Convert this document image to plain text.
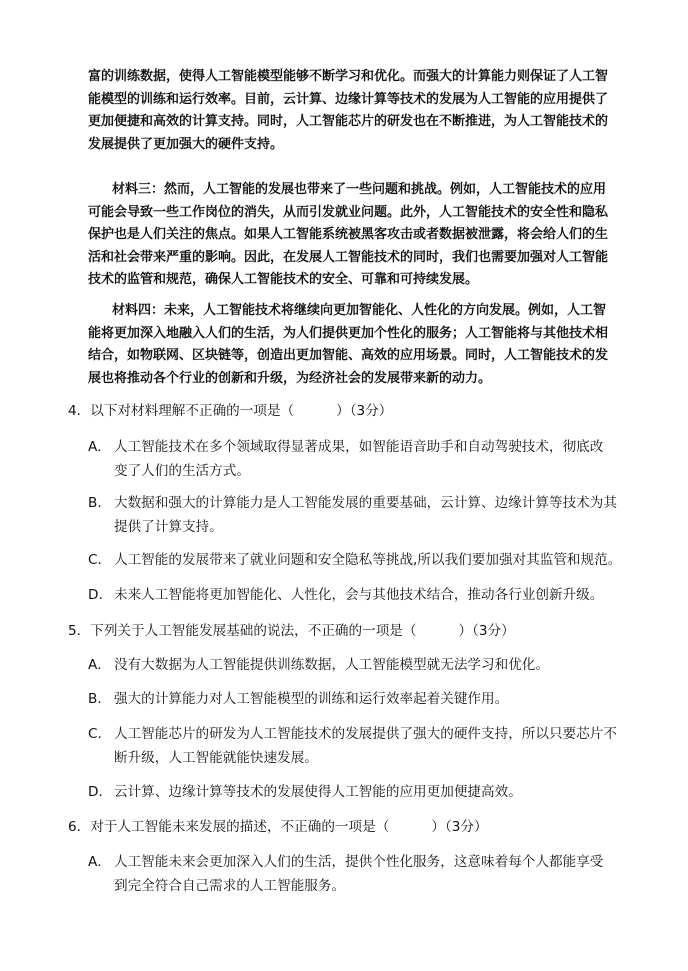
富的训练数据，使得人工智能模型能够不断学习和优化。而强大的计算能力则保证了人工智
能模型的训练和运行效率。目前，云计算、边缘计算等技术的发展为人工智能的应用提供了
更加便捷和高效的计算支持。同时，人工智能芯片的研发也在不断推进，为人工智能技术的
发展提供了更加强大的硬件支持。

材料三：然而，人工智能的发展也带来了一些问题和挑战。例如，人工智能技术的应用
可能会导致一些工作岗位的消失，从而引发就业问题。此外，人工智能技术的安全性和隐私
保护也是人们关注的焦点。如果人工智能系统被黑客攻击或者数据被泄露，将会给人们的生
活和社会带来严重的影响。因此，在发展人工智能技术的同时，我们也需要加强对人工智能
技术的监管和规范，确保人工智能技术的安全、可靠和可持续发展。

材料四：未来，人工智能技术将继续向更加智能化、人性化的方向发展。例如，人工智
能将更加深入地融入人们的生活，为人们提供更加个性化的服务；人工智能将与其他技术相
结合，如物联网、区块链等，创造出更加智能、高效的应用场景。同时，人工智能技术的发
展也将推动各个行业的创新和升级，为经济社会的发展带来新的动力。

4．以下对材料理解不正确的一项是（	）（3分）

A． 人工智能技术在多个领域取得显著成果，如智能语音助手和自动驾驶技术，彻底改
变了人们的生活方式。

B． 大数据和强大的计算能力是人工智能发展的重要基础，云计算、边缘计算等技术为其
提供了计算支持。

C． 人工智能的发展带来了就业问题和安全隐私等挑战,所以我们要加强对其监管和规范。

D． 未来人工智能将更加智能化、人性化，会与其他技术结合，推动各行业创新升级。

5．下列关于人工智能发展基础的说法，不正确的一项是（	）（3分）

A． 没有大数据为人工智能提供训练数据，人工智能模型就无法学习和优化。

B． 强大的计算能力对人工智能模型的训练和运行效率起着关键作用。

C． 人工智能芯片的研发为人工智能技术的发展提供了强大的硬件支持，所以只要芯片不
断升级，人工智能就能快速发展。

D． 云计算、边缘计算等技术的发展使得人工智能的应用更加便捷高效。

6．对于人工智能未来发展的描述，不正确的一项是（	）（3分）

A． 人工智能未来会更加深入人们的生活，提供个性化服务，这意味着每个人都能享受
到完全符合自己需求的人工智能服务。
